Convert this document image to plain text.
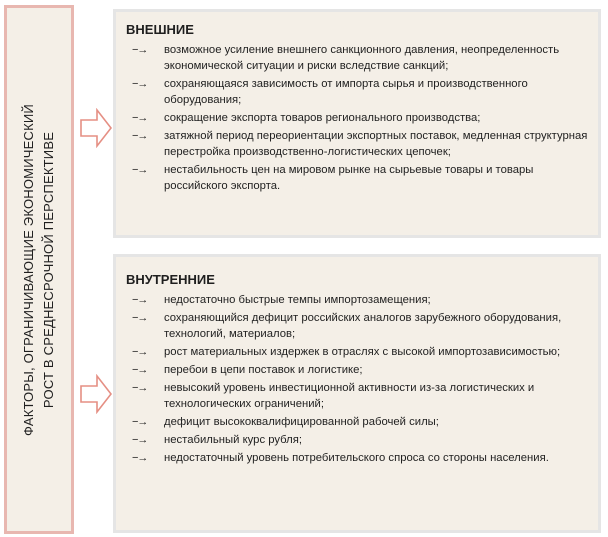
ФАКТОРЫ, ОГРАНИЧИВАЮЩИЕ ЭКОНОМИЧЕСКИЙ РОСТ В СРЕДНЕСРОЧНОЙ ПЕРСПЕКТИВЕ
ВНЕШНИЕ
−→	возможное усиление внешнего санкционного давления, неопределенность экономической ситуации и риски вследствие санкций;
−→	сохраняющаяся зависимость от импорта сырья и производственного оборудования;
−→	сокращение экспорта товаров регионального производства;
−→	затяжной период переориентации экспортных поставок, медленная структурная перестройка производственно-логистических цепочек;
−→	нестабильность цен на мировом рынке на сырьевые товары и товары российского экспорта.
ВНУТРЕННИЕ
−→	недостаточно быстрые темпы импортозамещения;
−→	сохраняющийся дефицит российских аналогов зарубежного оборудования, технологий, материалов;
−→	рост материальных издержек в отраслях с высокой импортозависимостью;
−→	перебои в цепи поставок и логистике;
−→	невысокий уровень инвестиционной активности из-за логистических и технологических ограничений;
−→	дефицит высококвалифицированной рабочей силы;
−→	нестабильный курс рубля;
−→	недостаточный уровень потребительского спроса со стороны населения.
